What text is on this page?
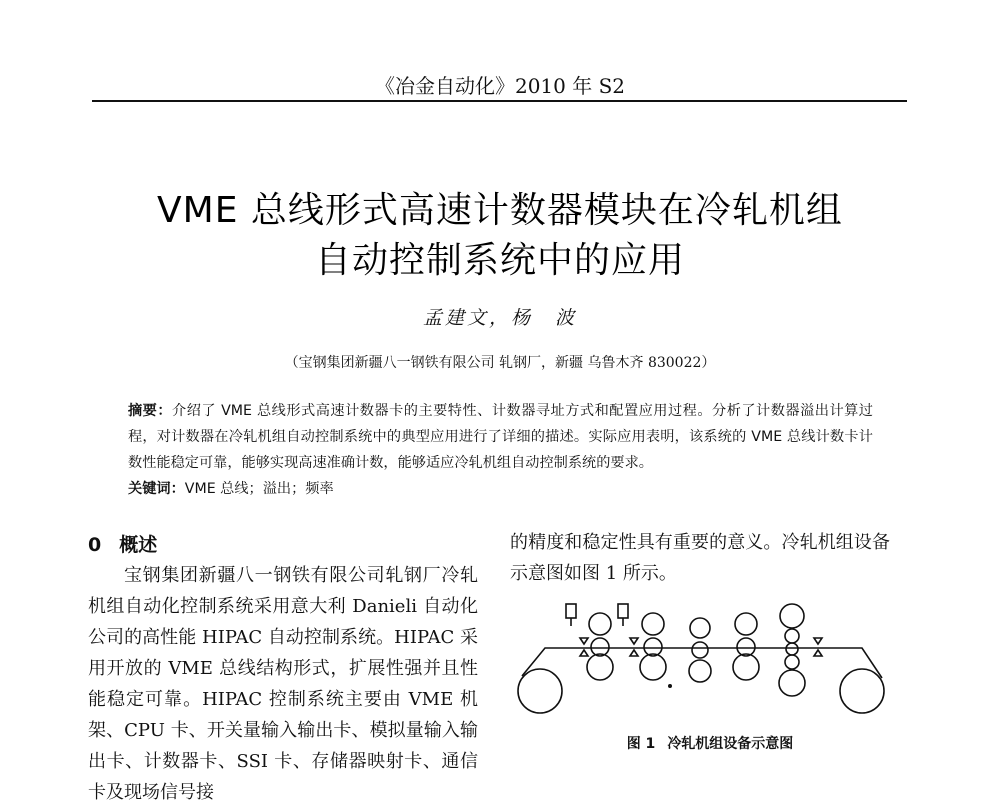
《冶金自动化》2010 年 S2
VME 总线形式高速计数器模块在冷轧机组
自动控制系统中的应用
孟建文，杨　波
（宝钢集团新疆八一钢铁有限公司 轧钢厂，新疆 乌鲁木齐 830022）
摘要：介绍了 VME 总线形式高速计数器卡的主要特性、计数器寻址方式和配置应用过程。分析了计数器溢出计算过程，对计数器在冷轧机组自动控制系统中的典型应用进行了详细的描述。实际应用表明，该系统的 VME 总线计数卡计数性能稳定可靠，能够实现高速准确计数，能够适应冷轧机组自动控制系统的要求。
关键词：VME 总线；溢出；频率
0 概述
宝钢集团新疆八一钢铁有限公司轧钢厂冷轧机组自动化控制系统采用意大利 Danieli 自动化公司的高性能 HIPAC 自动控制系统。HIPAC 采用开放的 VME 总线结构形式，扩展性强并且性能稳定可靠。HIPAC 控制系统主要由 VME 机架、CPU 卡、开关量输入输出卡、模拟量输入输出卡、计数器卡、SSI 卡、存储器映射卡、通信卡及现场信号接
的精度和稳定性具有重要的意义。冷轧机组设备示意图如图 1 所示。
图 1 冷轧机组设备示意图
